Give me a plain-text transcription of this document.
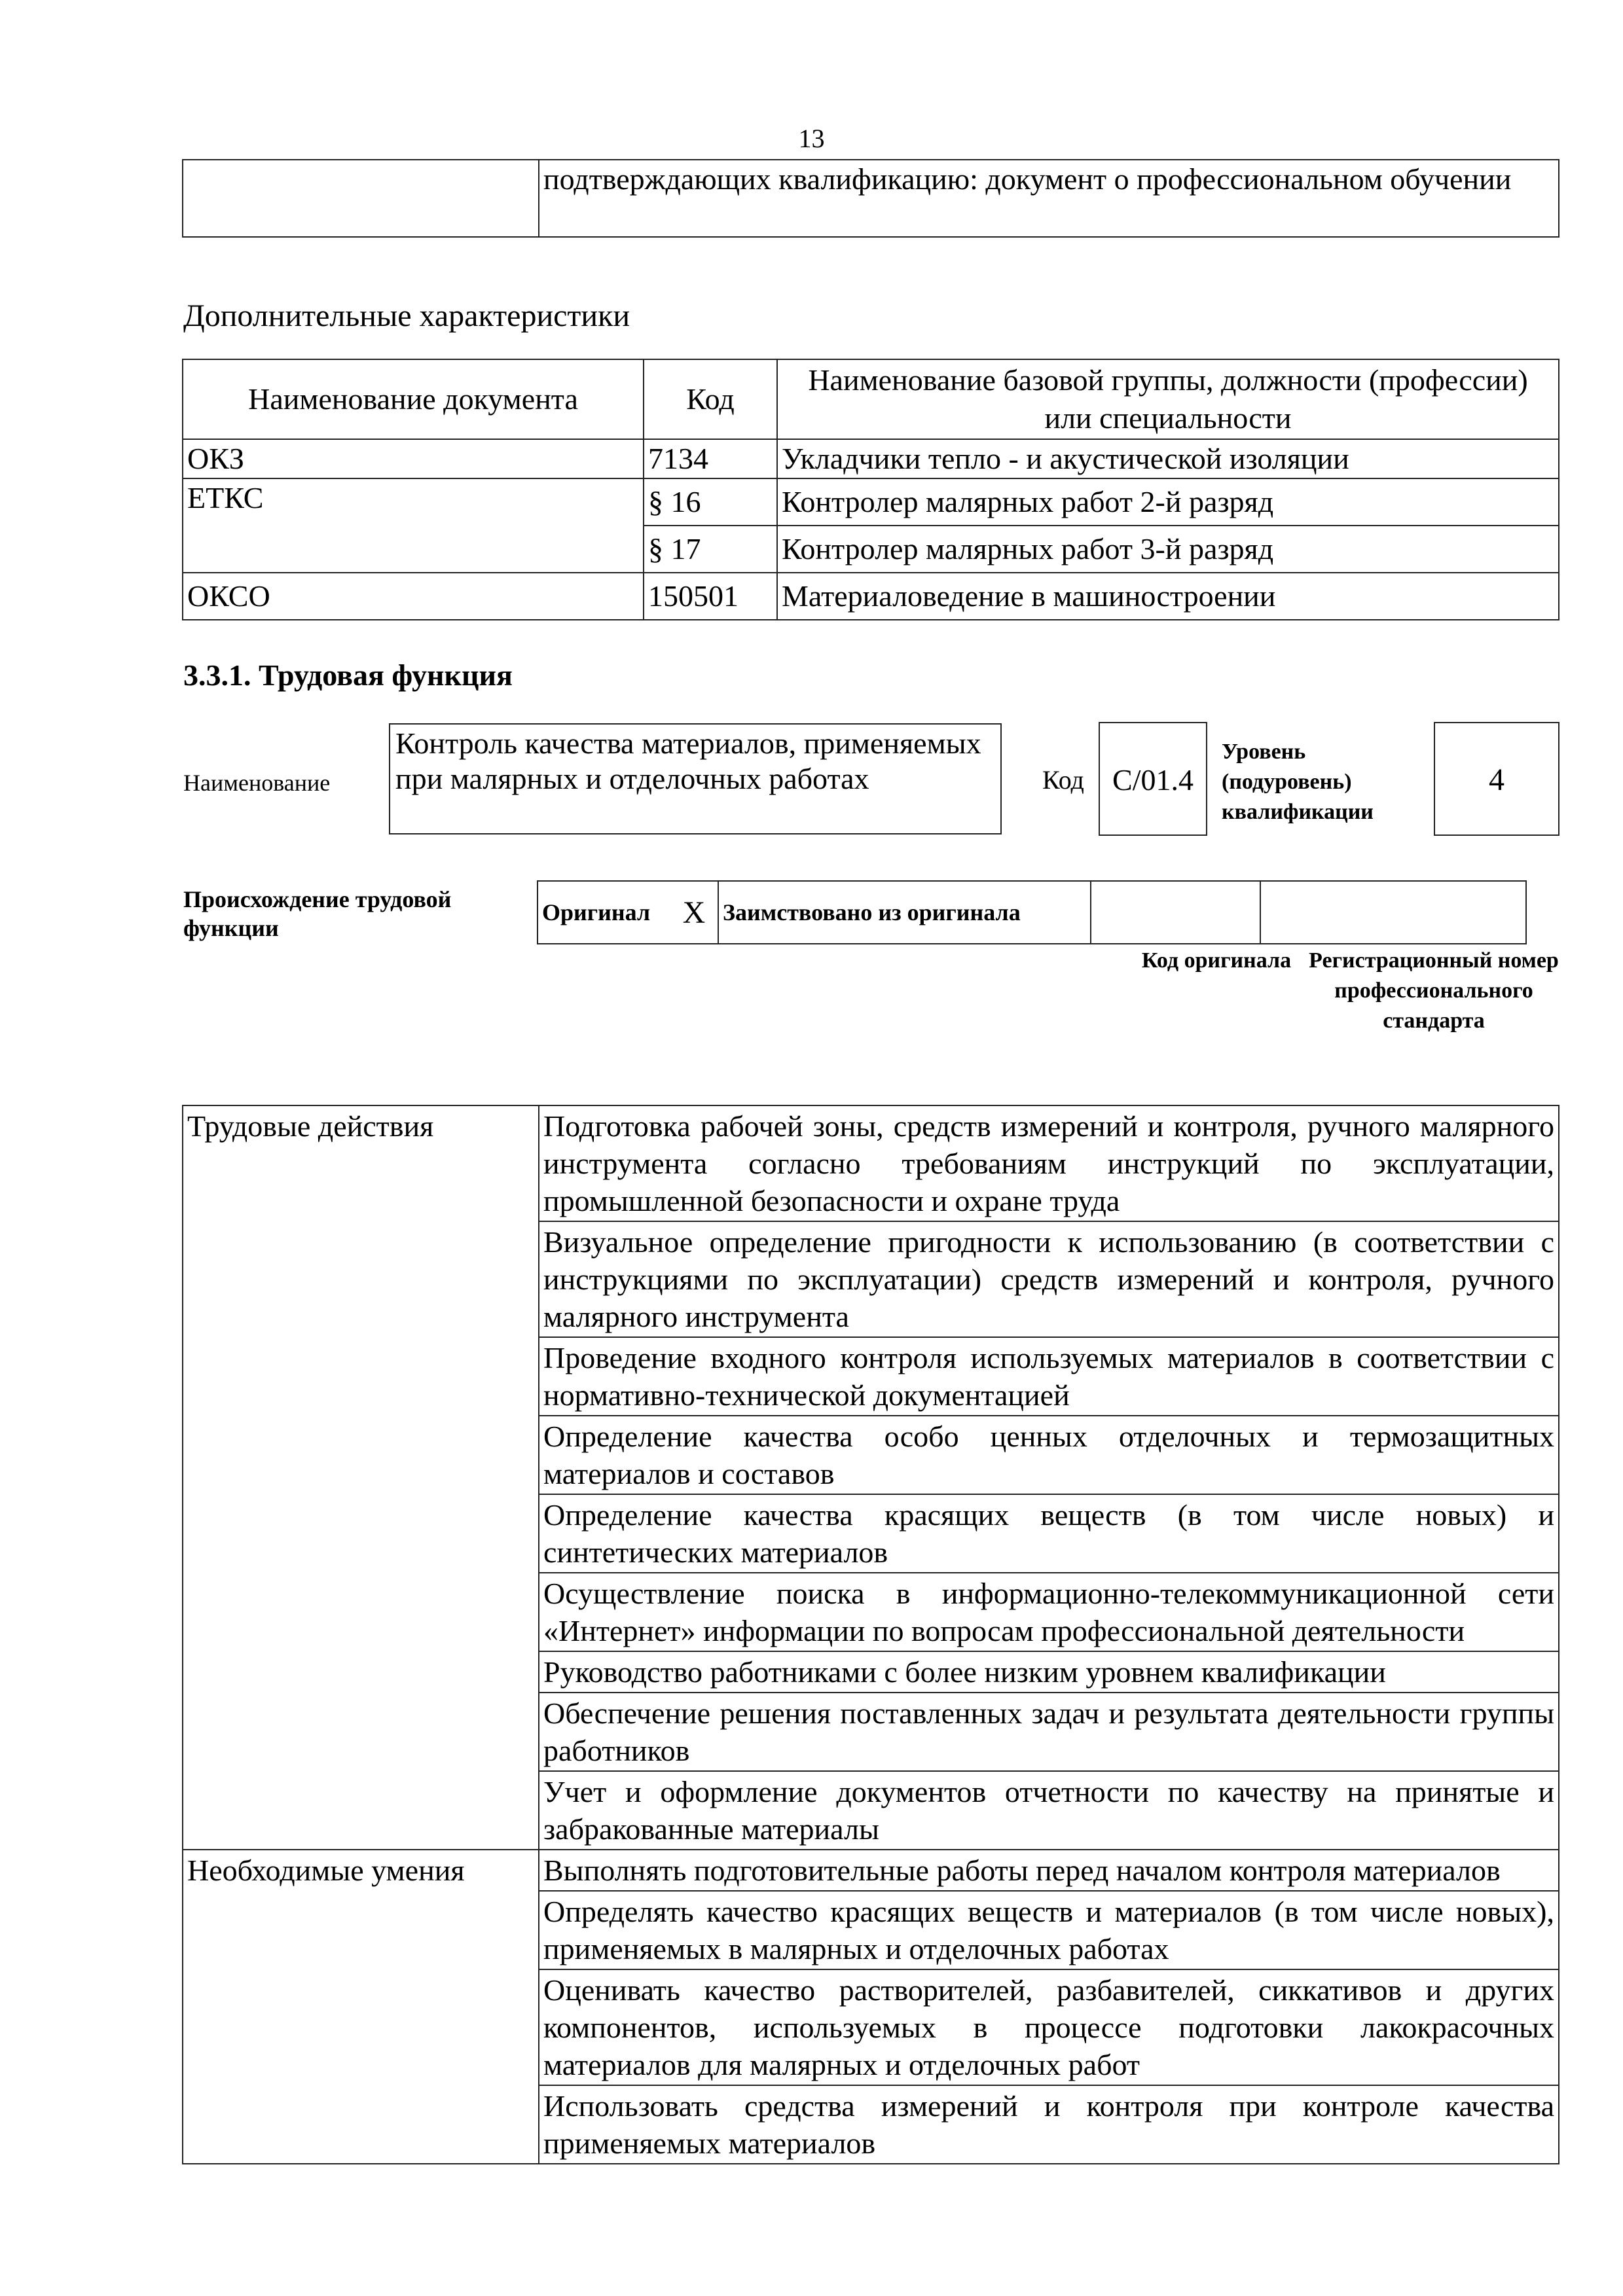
13
	подтверждающих квалификацию: документ о профессиональном обучении
Дополнительные характеристики
Наименование документа	Код	Наименование базовой группы, должности (профессии) или специальности
ОКЗ	7134	Укладчики тепло - и акустической изоляции
ЕТКС	§ 16	Контролер малярных работ 2-й разряд
	§ 17	Контролер малярных работ 3-й разряд
ОКСО	150501	Материаловедение в машиностроении
3.3.1. Трудовая функция
Наименование
Контроль качества материалов, применяемых при малярных и отделочных работах	Код C/01.4
Уровень (подуровень) квалификации
4
Происхождение трудовой функции
Оригинал	X	Заимствовано из оригинала		
Код оригинала Регистрационный номер профессионального стандарта
Трудовые действия	Подготовка рабочей зоны, средств измерений и контроля, ручного малярного инструмента согласно требованиям инструкций по эксплуатации, промышленной безопасности и охране труда
	Визуальное определение пригодности к использованию (в соответствии с инструкциями по эксплуатации) средств измерений и контроля, ручного малярного инструмента
	Проведение входного контроля используемых материалов в соответствии с нормативно-технической документацией
	Определение качества особо ценных отделочных и термозащитных материалов и составов
	Определение качества красящих веществ (в том числе новых) и синтетических материалов
	Осуществление поиска в информационно-телекоммуникационной сети «Интернет» информации по вопросам профессиональной деятельности
	Руководство работниками с более низким уровнем квалификации
	Обеспечение решения поставленных задач и результата деятельности группы работников
	Учет и оформление документов отчетности по качеству на принятые и забракованные материалы
Необходимые умения	Выполнять подготовительные работы перед началом контроля материалов
	Определять качество красящих веществ и материалов (в том числе новых), применяемых в малярных и отделочных работах
	Оценивать качество растворителей, разбавителей, сиккативов и других компонентов, используемых в процессе подготовки лакокрасочных материалов для малярных и отделочных работ
	Использовать средства измерений и контроля при контроле качества применяемых материалов
